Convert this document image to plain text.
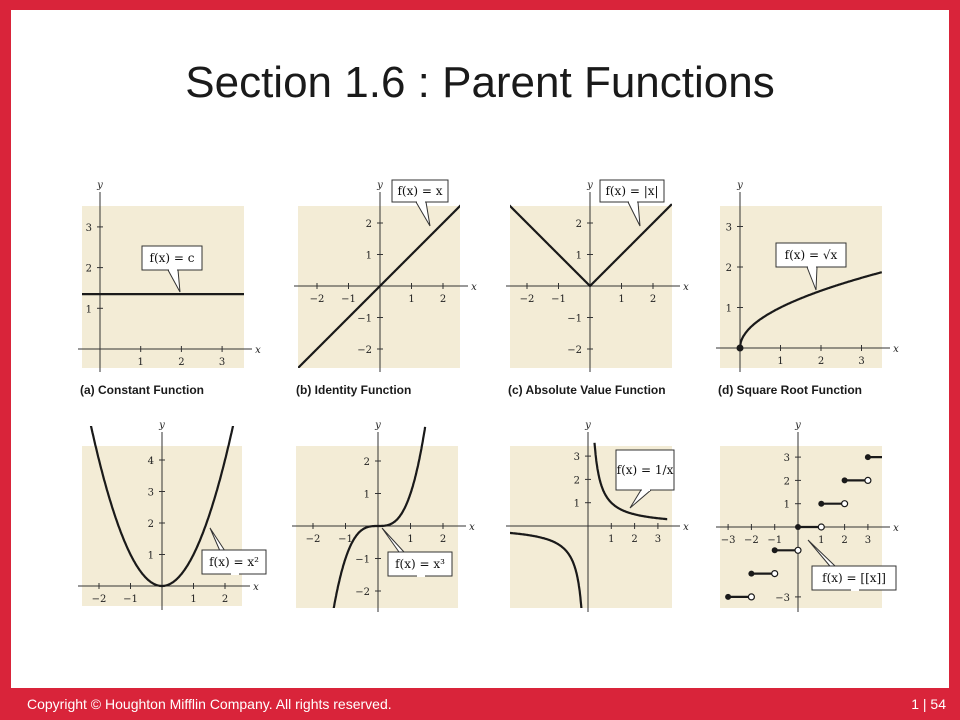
Section 1.6 : Parent Functions
x
y
1	2	3
1
2
3
f(x) = c
(a) Constant Function
x
y
−2 −1	1	2
−2
−1
1
2
f(x) = x
(b) Identity Function
x
y
−2 −1	1	2
−2
−1
1
2
f(x) = |x|
(c) Absolute Value Function
x
y
1	2	3
1
2
3
f(x) = √x
(d) Square Root Function
x
y
−2 −1	1	2
1
2
3
4
f(x) = x²
x
y
−2 −1	1	2
−2
−1
1
2
f(x) = x³
x
y
1 2 3
1
2
3
f(x) = 1/x
x
y
−3 −2 −1	1 2 3
−3
1
2
3
f(x) = [[x]]
Copyright © Houghton Mifflin Company. All rights reserved.	1 | 54
